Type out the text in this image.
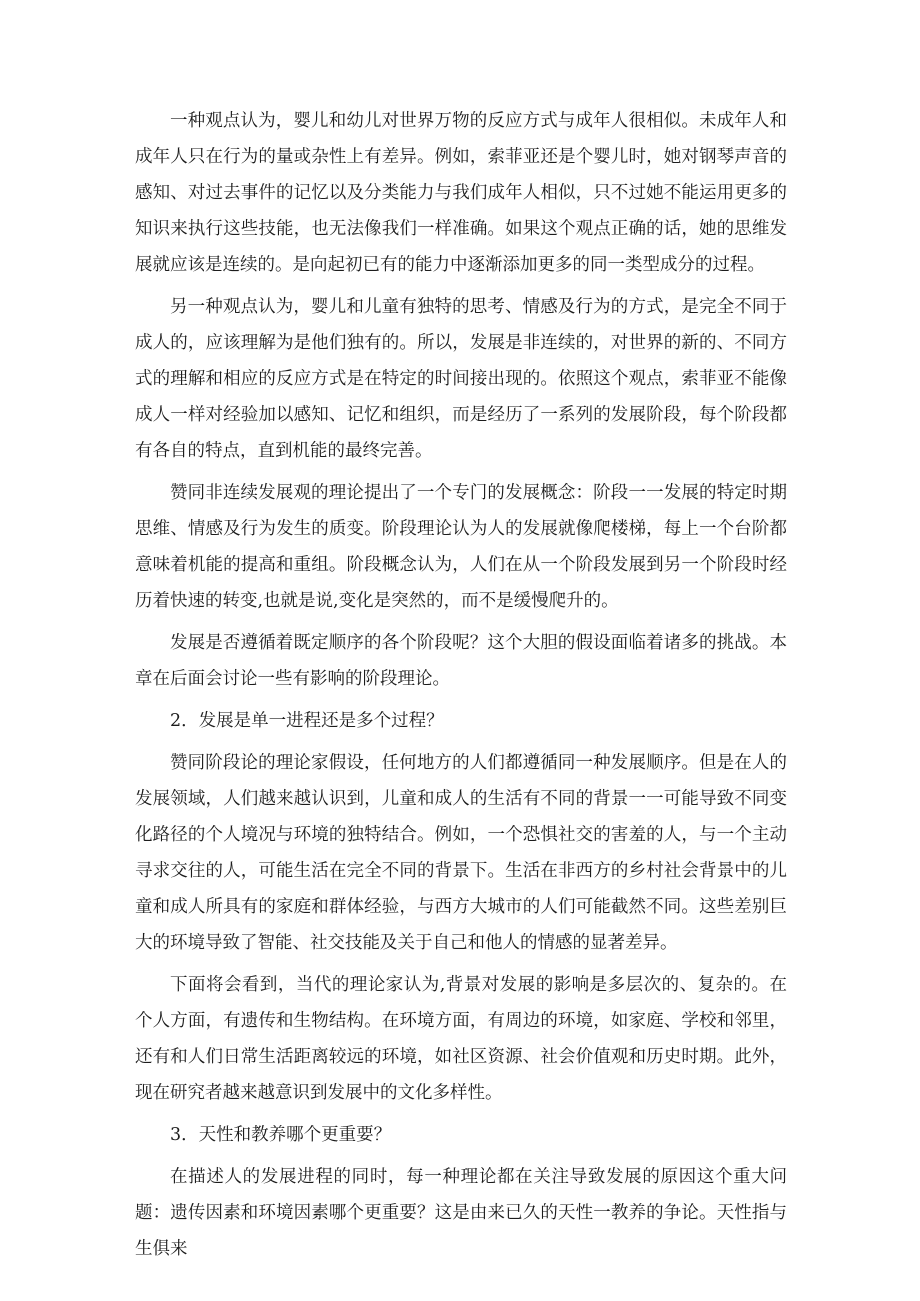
一种观点认为，婴儿和幼儿对世界万物的反应方式与成年人很相似。未成年人和成年人只在行为的量或杂性上有差异。例如，索菲亚还是个婴儿时，她对钢琴声音的感知、对过去事件的记忆以及分类能力与我们成年人相似，只不过她不能运用更多的知识来执行这些技能，也无法像我们一样准确。如果这个观点正确的话，她的思维发展就应该是连续的。是向起初已有的能力中逐渐添加更多的同一类型成分的过程。

另一种观点认为，婴儿和儿童有独特的思考、情感及行为的方式，是完全不同于成人的，应该理解为是他们独有的。所以，发展是非连续的，对世界的新的、不同方式的理解和相应的反应方式是在特定的时间接出现的。依照这个观点，索菲亚不能像成人一样对经验加以感知、记忆和组织，而是经历了一系列的发展阶段，每个阶段都有各自的特点，直到机能的最终完善。

赞同非连续发展观的理论提出了一个专门的发展概念：阶段一一发展的特定时期思维、情感及行为发生的质变。阶段理论认为人的发展就像爬楼梯，每上一个台阶都意味着机能的提高和重组。阶段概念认为，人们在从一个阶段发展到另一个阶段时经历着快速的转变,也就是说,变化是突然的，而不是缓慢爬升的。

发展是否遵循着既定顺序的各个阶段呢？这个大胆的假设面临着诸多的挑战。本章在后面会讨论一些有影响的阶段理论。

2．发展是单一进程还是多个过程？

赞同阶段论的理论家假设，任何地方的人们都遵循同一种发展顺序。但是在人的发展领域，人们越来越认识到，儿童和成人的生活有不同的背景一一可能导致不同变化路径的个人境况与环境的独特结合。例如，一个恐惧社交的害羞的人，与一个主动寻求交往的人，可能生活在完全不同的背景下。生活在非西方的乡村社会背景中的儿童和成人所具有的家庭和群体经验，与西方大城市的人们可能截然不同。这些差别巨大的环境导致了智能、社交技能及关于自己和他人的情感的显著差异。

下面将会看到，当代的理论家认为,背景对发展的影响是多层次的、复杂的。在个人方面，有遗传和生物结构。在环境方面，有周边的环境，如家庭、学校和邻里，还有和人们日常生活距离较远的环境，如社区资源、社会价值观和历史时期。此外，现在研究者越来越意识到发展中的文化多样性。

3．天性和教养哪个更重要？

在描述人的发展进程的同时，每一种理论都在关注导致发展的原因这个重大问题：遗传因素和环境因素哪个更重要？这是由来已久的天性一教养的争论。天性指与生俱来
